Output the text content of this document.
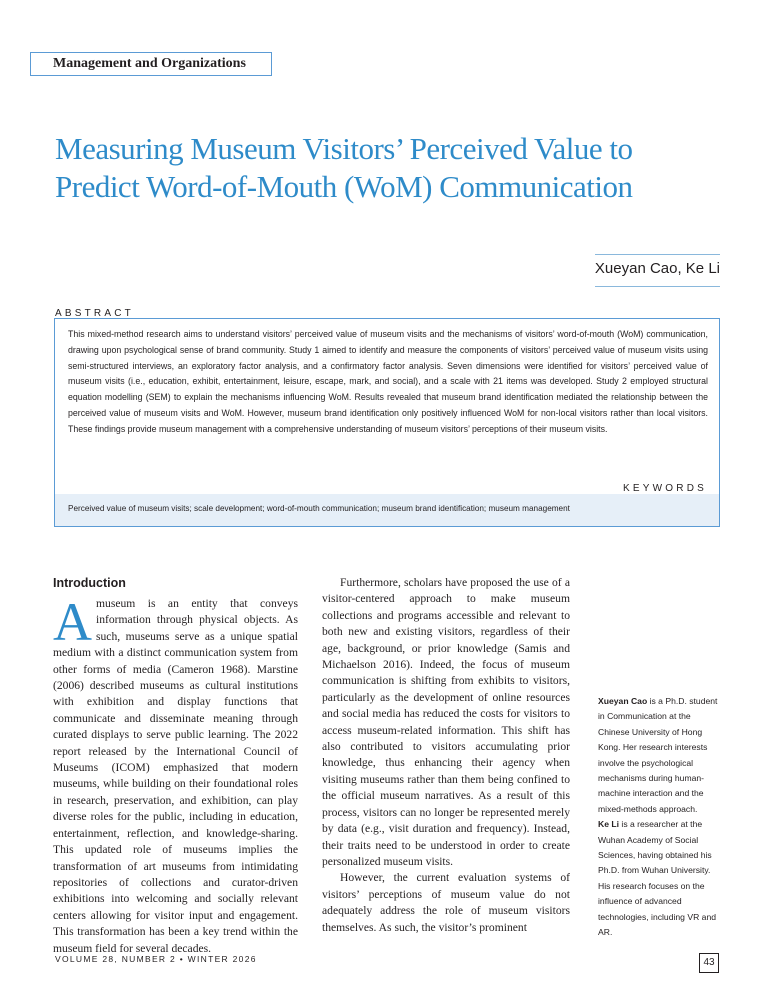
Management and Organizations
Measuring Museum Visitors’ Perceived Value to Predict Word-of-Mouth (WoM) Communication
Xueyan Cao, Ke Li
ABSTRACT
This mixed-method research aims to understand visitors’ perceived value of museum visits and the mechanisms of visitors’ word-of-mouth (WoM) communication, drawing upon psychological sense of brand community. Study 1 aimed to identify and measure the components of visitors’ perceived value of museum visits using semi-structured interviews, an exploratory factor analysis, and a confirmatory factor analysis. Seven dimensions were identified for visitors’ perceived value of museum visits (i.e., education, exhibit, entertainment, leisure, escape, mark, and social), and a scale with 21 items was developed. Study 2 employed structural equation modelling (SEM) to explain the mechanisms influencing WoM. Results revealed that museum brand identification mediated the relationship between the perceived value of museum visits and WoM. However, museum brand identification only positively influenced WoM for non-local visitors rather than local visitors. These findings provide museum management with a comprehensive understanding of museum visitors’ perceptions of their museum visits.
KEYWORDS
Perceived value of museum visits; scale development; word-of-mouth communication; museum brand identification; museum management
Introduction

Amuseum is an entity that conveys information through physical objects. As such, museums serve as a unique spatial medium with a distinct communication system from other forms of media (Cameron 1968). Marstine (2006) described museums as cultural institutions with exhibition and display functions that communicate and disseminate meaning through curated displays to serve public learning. The 2022 report released by the International Council of Museums (ICOM) emphasized that modern museums, while building on their foundational roles in research, preservation, and exhibition, can play diverse roles for the public, including in education, entertainment, reflection, and knowledge-sharing. This updated role of museums implies the transformation of art museums from intimidating repositories of collections and curator-driven exhibitions into welcoming and socially relevant centers allowing for visitor input and engagement. This transformation has been a key trend within the museum field for several decades.

Furthermore, scholars have proposed the use of a visitor-centered approach to make museum collections and programs accessible and relevant to both new and existing visitors, regardless of their age, background, or prior knowledge (Samis and Michaelson 2016). Indeed, the focus of museum communication is shifting from exhibits to visitors, particularly as the development of online resources and social media has reduced the costs for visitors to access museum-related information. This shift has also contributed to visitors accumulating prior knowledge, thus enhancing their agency when visiting museums rather than them being confined to the official museum narratives. As a result of this process, visitors can no longer be represented merely by data (e.g., visit duration and frequency). Instead, their traits need to be understood in order to create personalized museum visits.

However, the current evaluation systems of visitors’ perceptions of museum value do not adequately address the role of museum visitors themselves. As such, the visitor’s prominent

Xueyan Cao is a Ph.D. student in Communication at the Chinese University of Hong Kong. Her research interests involve the psychological mechanisms during human-machine interaction and the mixed-methods approach.
Ke Li is a researcher at the Wuhan Academy of Social Sciences, having obtained his Ph.D. from Wuhan University. His research focuses on the influence of advanced technologies, including VR and AR.
VOLUME 28, NUMBER 2 • WINTER 2026	43
